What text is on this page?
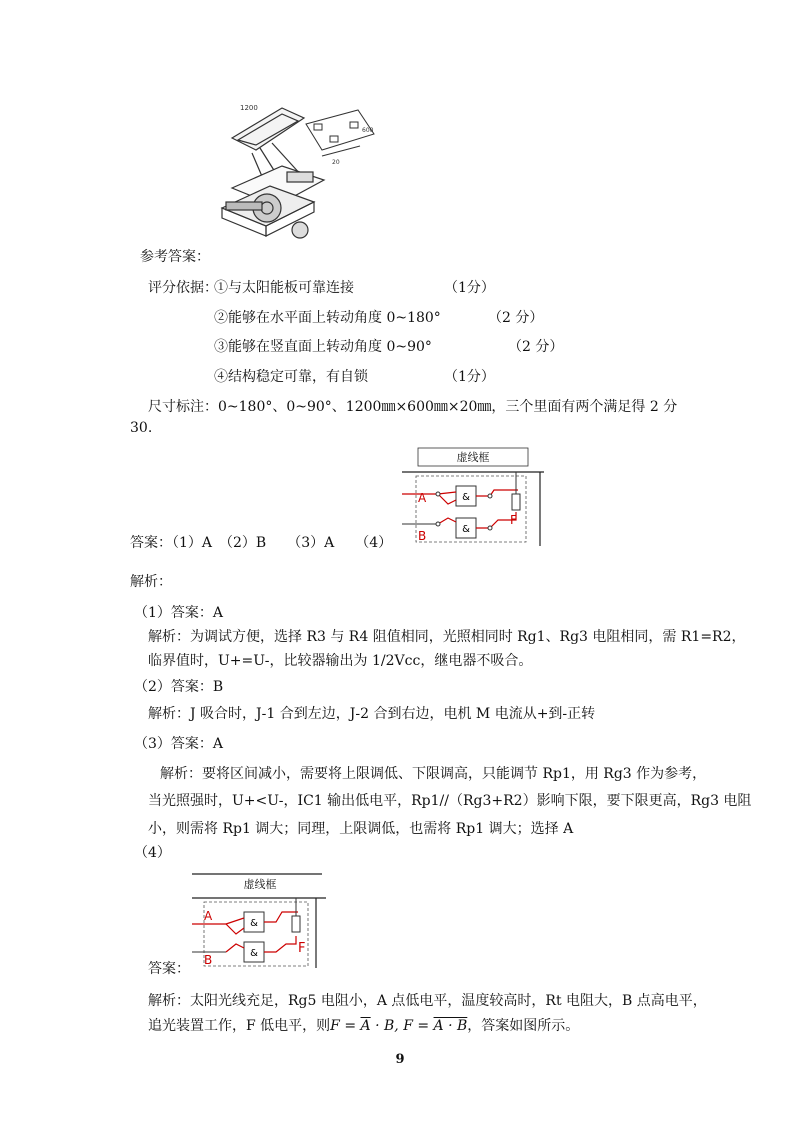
1200
600
20
参考答案：
评分依据：
①与太阳能板可靠连接	（1分）
②能够在水平面上转动角度 0~180°	（2 分）
③能够在竖直面上转动角度 0~90°	（2 分）
④结构稳定可靠，有自锁	（1分）
尺寸标注：0~180°、0~90°、1200㎜×600㎜×20㎜，三个里面有两个满足得 2 分
30.
虚线框
&
&
A
B
F
答案：（1）A　（2）B　　（3）A　　（4）
解析：
（1）答案：A
解析：为调试方便，选择 R3 与 R4 阻值相同，光照相同时 Rg1、Rg3 电阻相同，需 R1=R2，
临界值时，U+=U-，比较器输出为 1/2Vcc，继电器不吸合。
（2）答案：B
解析：J 吸合时，J-1 合到左边，J-2 合到右边，电机 M 电流从+到-正转
（3）答案：A
解析：要将区间减小，需要将上限调低、下限调高，只能调节 Rp1，用 Rg3 作为参考，
当光照强时，U+<U-，IC1 输出低电平，Rp1//（Rg3+R2）影响下限，要下限更高，Rg3 电阻
小，则需将 Rp1 调大；同理，上限调低，也需将 Rp1 调大；选择 A
（4）
虚线框
&
&
A
B
F
答案：
解析：太阳光线充足，Rg5 电阻小，A 点低电平，温度较高时，Rt 电阻大，B 点高电平，
追光装置工作，F 低电平，则$F = \overline{A} \cdot B$, F = A · B，答案如图所示。
9
